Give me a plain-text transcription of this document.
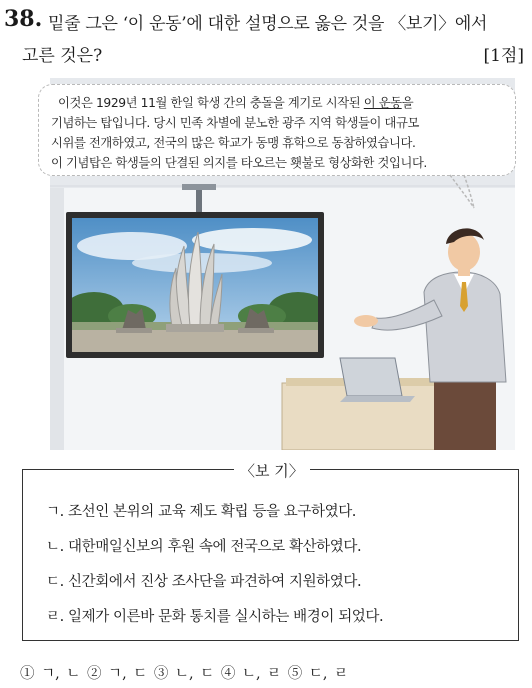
38. 밑줄 그은 ‘이 운동’에 대한 설명으로 옳은 것을 〈보기〉에서
고른 것은?	[1점]
이것은 1929년 11월 한일 학생 간의 충돌을 계기로 시작된 이 운동을
기념하는 탑입니다. 당시 민족 차별에 분노한 광주 지역 학생들이 대규모
시위를 전개하였고, 전국의 많은 학교가 동맹 휴학으로 동참하였습니다.
이 기념탑은 학생들의 단결된 의지를 타오르는 횃불로 형상화한 것입니다.
〈보 기〉
ㄱ. 조선인 본위의 교육 제도 확립 등을 요구하였다.
ㄴ. 대한매일신보의 후원 속에 전국으로 확산하였다.
ㄷ. 신간회에서 진상 조사단을 파견하여 지원하였다.
ㄹ. 일제가 이른바 문화 통치를 실시하는 배경이 되었다.
① ㄱ, ㄴ ② ㄱ, ㄷ ③ ㄴ, ㄷ ④ ㄴ, ㄹ ⑤ ㄷ, ㄹ
